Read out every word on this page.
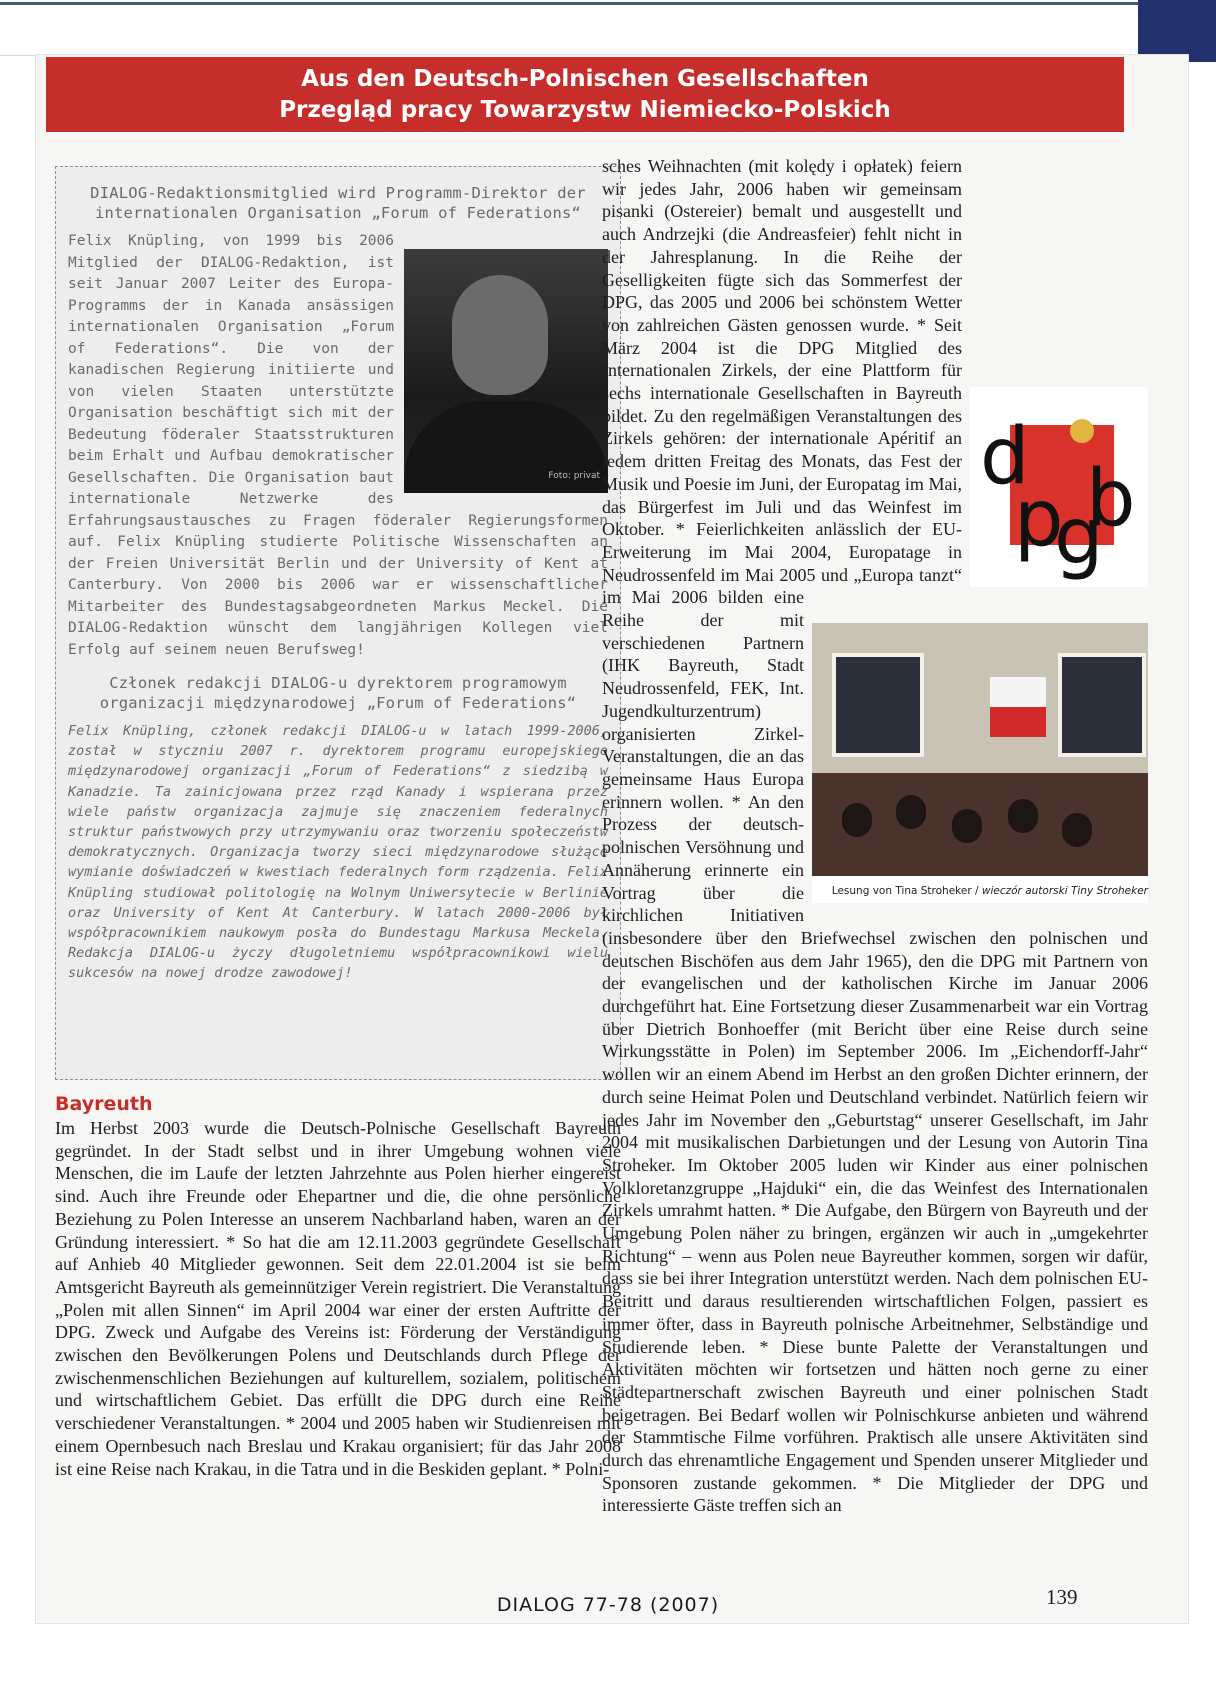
Aus den Deutsch-Polnischen Gesellschaften
Przegląd pracy Towarzystw Niemiecko-Polskich
DIALOG-Redaktionsmitglied wird Programm-Direktor der internationalen Organisation „Forum of Federations“
Foto: privat
Felix Knüpling, von 1999 bis 2006 Mitglied der DIALOG-Redaktion, ist seit Januar 2007 Leiter des Europa-Programms der in Kanada ansässigen internationalen Organisation „Forum of Federations“. Die von der kanadischen Regierung initiierte und von vielen Staaten unterstützte Organisation beschäftigt sich mit der Bedeutung föderaler Staatsstrukturen beim Erhalt und Aufbau demokratischer Gesellschaften. Die Organisation baut internationale Netzwerke des Erfahrungsaustausches zu Fragen föderaler Regierungsformen auf. Felix Knüpling studierte Politische Wissenschaften an der Freien Universität Berlin und der University of Kent at Canterbury. Von 2000 bis 2006 war er wissenschaftlicher Mitarbeiter des Bundestagsabgeordneten Markus Meckel. Die DIALOG-Redaktion wünscht dem langjährigen Kollegen viel Erfolg auf seinem neuen Berufsweg!
Członek redakcji DIALOG-u dyrektorem programowym organizacji międzynarodowej „Forum of Federations“
Felix Knüpling, członek redakcji DIALOG-u w latach 1999-2006, został w styczniu 2007 r. dyrektorem programu europejskiego międzynarodowej organizacji „Forum of Federations“ z siedzibą w Kanadzie. Ta zainicjowana przez rząd Kanady i wspierana przez wiele państw organizacja zajmuje się znaczeniem federalnych struktur państwowych przy utrzymywaniu oraz tworzeniu społeczeństw demokratycznych. Organizacja tworzy sieci międzynarodowe służące wymianie doświadczeń w kwestiach federalnych form rządzenia. Felix Knüpling studiował politologię na Wolnym Uniwersytecie w Berlinie oraz University of Kent At Canterbury. W latach 2000-2006 był współpracownikiem naukowym posła do Bundestagu Markusa Meckela. Redakcja DIALOG-u życzy długoletniemu współpracownikowi wielu sukcesów na nowej drodze zawodowej!
Bayreuth
Im Herbst 2003 wurde die Deutsch-Polnische Gesellschaft Bayreuth gegründet. In der Stadt selbst und in ihrer Umgebung wohnen viele Menschen, die im Laufe der letzten Jahrzehnte aus Polen hierher eingereist sind. Auch ihre Freunde oder Ehepartner und die, die ohne persönliche Beziehung zu Polen Interesse an unserem Nachbarland haben, waren an der Gründung interessiert. * So hat die am 12.11.2003 gegründete Gesellschaft auf Anhieb 40 Mitglieder gewonnen. Seit dem 22.01.2004 ist sie beim Amtsgericht Bayreuth als gemeinnütziger Verein registriert. Die Veranstaltung „Polen mit allen Sinnen“ im April 2004 war einer der ersten Auftritte der DPG. Zweck und Aufgabe des Vereins ist: Förderung der Verständigung zwischen den Bevölkerungen Polens und Deutschlands durch Pflege der zwischenmenschlichen Beziehungen auf kulturellem, sozialem, politischem und wirtschaftlichem Gebiet. Das erfüllt die DPG durch eine Reihe verschiedener Veranstaltungen. * 2004 und 2005 haben wir Studienreisen mit einem Opernbesuch nach Breslau und Krakau organisiert; für das Jahr 2008 ist eine Reise nach Krakau, in die Tatra und in die Beskiden geplant. * Polni-
d
p
g
b
Lesung von Tina Stroheker / wieczór autorski Tiny Stroheker
sches Weihnachten (mit kolędy i opłatek) feiern wir jedes Jahr, 2006 haben wir gemeinsam pisanki (Ostereier) bemalt und ausgestellt und auch Andrzejki (die Andreasfeier) fehlt nicht in der Jahresplanung. In die Reihe der Geselligkeiten fügte sich das Sommerfest der DPG, das 2005 und 2006 bei schönstem Wetter von zahlreichen Gästen genossen wurde. * Seit März 2004 ist die DPG Mitglied des Internationalen Zirkels, der eine Plattform für sechs internationale Gesellschaften in Bayreuth bildet. Zu den regelmäßigen Veranstaltungen des Zirkels gehören: der internationale Apéritif an jedem dritten Freitag des Monats, das Fest der Musik und Poesie im Juni, der Europatag im Mai, das Bürgerfest im Juli und das Weinfest im Oktober. * Feierlichkeiten anlässlich der EU-Erweiterung im Mai 2004, Europatage in Neudrossenfeld im Mai 2005 und „Europa tanzt“ im Mai 2006 bilden eine Reihe der mit verschiedenen Partnern (IHK Bayreuth, Stadt Neudrossenfeld, FEK, Int. Jugendkulturzentrum) organisierten Zirkel-Veranstaltungen, die an das gemeinsame Haus Europa erinnern wollen. * An den Prozess der deutsch-polnischen Versöhnung und Annäherung erinnerte ein Vortrag über die kirchlichen Initiativen (insbesondere über den Briefwechsel zwischen den polnischen und deutschen Bischöfen aus dem Jahr 1965), den die DPG mit Partnern von der evangelischen und der katholischen Kirche im Januar 2006 durchgeführt hat. Eine Fortsetzung dieser Zusammenarbeit war ein Vortrag über Dietrich Bonhoeffer (mit Bericht über eine Reise durch seine Wirkungsstätte in Polen) im September 2006. Im „Eichendorff-Jahr“ wollen wir an einem Abend im Herbst an den großen Dichter erinnern, der durch seine Heimat Polen und Deutschland verbindet. Natürlich feiern wir jedes Jahr im November den „Geburtstag“ unserer Gesellschaft, im Jahr 2004 mit musikalischen Darbietungen und der Lesung von Autorin Tina Stroheker. Im Oktober 2005 luden wir Kinder aus einer polnischen Volkloretanzgruppe „Hajduki“ ein, die das Weinfest des Internationalen Zirkels umrahmt hatten. * Die Aufgabe, den Bürgern von Bayreuth und der Umgebung Polen näher zu bringen, ergänzen wir auch in „umgekehrter Richtung“ – wenn aus Polen neue Bayreuther kommen, sorgen wir dafür, dass sie bei ihrer Integration unterstützt werden. Nach dem polnischen EU-Beitritt und daraus resultierenden wirtschaftlichen Folgen, passiert es immer öfter, dass in Bayreuth polnische Arbeitnehmer, Selbständige und Studierende leben. * Diese bunte Palette der Veranstaltungen und Aktivitäten möchten wir fortsetzen und hätten noch gerne zu einer Städtepartnerschaft zwischen Bayreuth und einer polnischen Stadt beigetragen. Bei Bedarf wollen wir Polnischkurse anbieten und während der Stammtische Filme vorführen. Praktisch alle unsere Aktivitäten sind durch das ehrenamtliche Engagement und Spenden unserer Mitglieder und Sponsoren zustande gekommen. * Die Mitglieder der DPG und interessierte Gäste treffen sich an
139
DIALOG 77-78 (2007)
